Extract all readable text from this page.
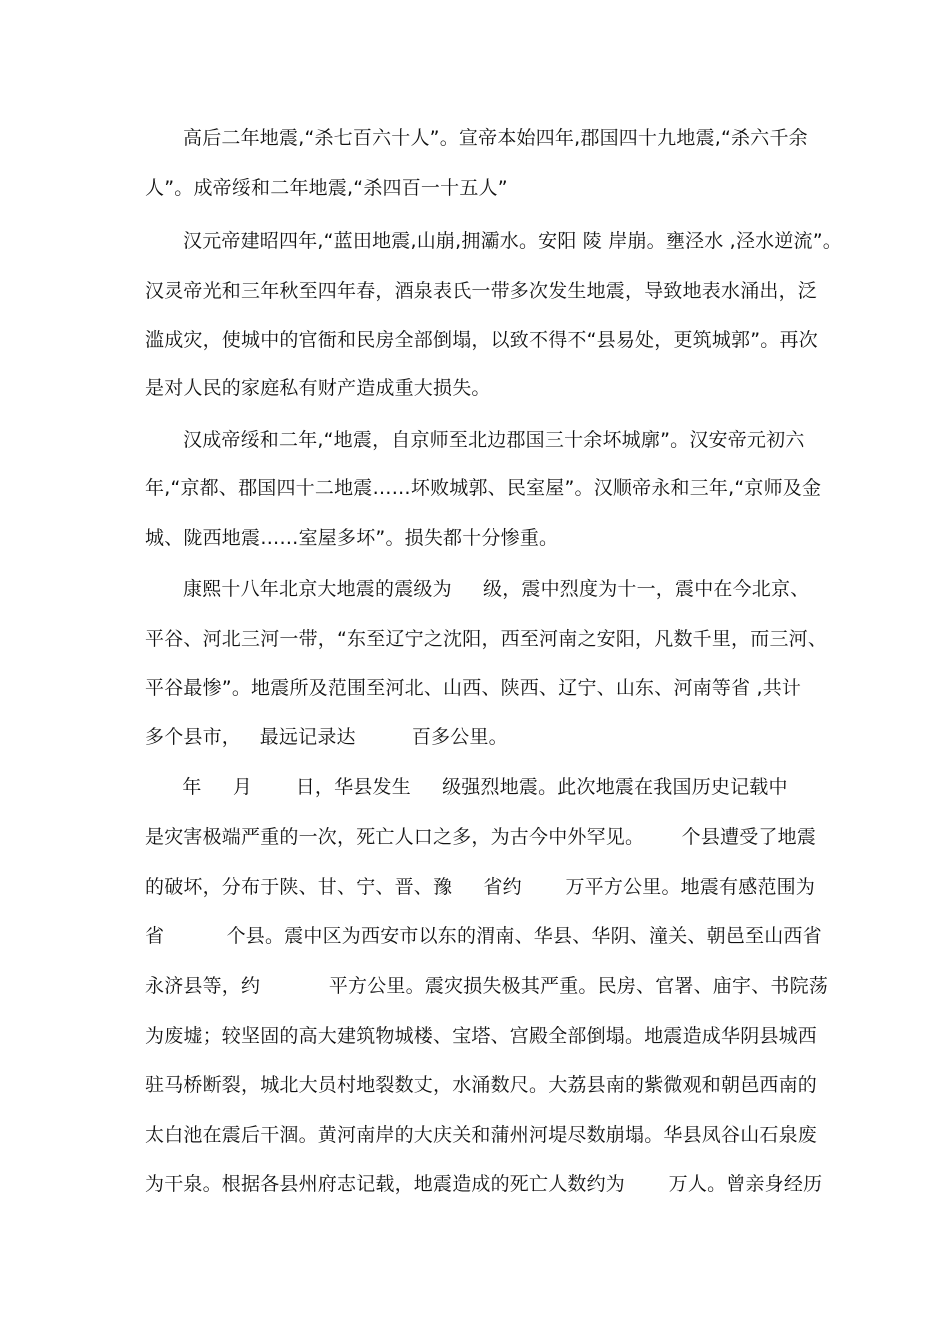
高后二年地震,“杀七百六十人”。宣帝本始四年,郡国四十九地震,“杀六千余
人”。成帝绥和二年地震,“杀四百一十五人”
汉元帝建昭四年,“蓝田地震,山崩,拥灞水。安阳 陵 岸崩。壅泾水 ,泾水逆流”。
汉灵帝光和三年秋至四年春，酒泉表氏一带多次发生地震，导致地表水涌出，泛
滥成灾，使城中的官衙和民房全部倒塌，以致不得不“县易处，更筑城郭”。再次
是对人民的家庭私有财产造成重大损失。
汉成帝绥和二年,“地震，自京师至北边郡国三十余坏城廓”。汉安帝元初六
年,“京都、郡国四十二地震……坏败城郭、民室屋”。汉顺帝永和三年,“京师及金
城、陇西地震……室屋多坏”。损失都十分惨重。
康熙十八年北京大地震的震级为     级，震中烈度为十一，震中在今北京、
平谷、河北三河一带，“东至辽宁之沈阳，西至河南之安阳，凡数千里，而三河、
平谷最惨”。地震所及范围至河北、山西、陕西、辽宁、山东、河南等省 ,共计
多个县市，   最远记录达         百多公里。
年     月       日，华县发生     级强烈地震。此次地震在我国历史记载中
是灾害极端严重的一次，死亡人口之多，为古今中外罕见。      个县遭受了地震
的破坏，分布于陕、甘、宁、晋、豫     省约       万平方公里。地震有感范围为
省          个县。震中区为西安市以东的渭南、华县、华阴、潼关、朝邑至山西省
永济县等，约           平方公里。震灾损失极其严重。民房、官署、庙宇、书院荡
为废墟；较坚固的高大建筑物城楼、宝塔、宫殿全部倒塌。地震造成华阴县城西
驻马桥断裂，城北大员村地裂数丈，水涌数尺。大荔县南的紫微观和朝邑西南的
太白池在震后干涸。黄河南岸的大庆关和蒲州河堤尽数崩塌。华县凤谷山石泉废
为干泉。根据各县州府志记载，地震造成的死亡人数约为       万人。曾亲身经历
